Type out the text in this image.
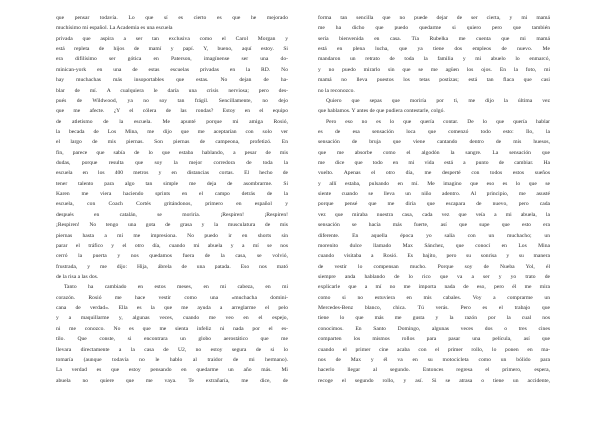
que pensar todavía. Lo que sí es cierto es que he mejorado
muchísimo mi español. La Academia es una escuela
privada que aspira a ser tan exclusiva como el Carol Morgan y
está repleta de hijos de mamí y papí. Y, bueno, aquí estoy. Si
era difilísimo ser gótica en Paterson, imagínense ser una do-
minican-york en una de estas escuelas privadas en la RD. No
hay muchachas más insoportables que estas. No dejan de ha-
blar de mí. A cualquiera le daría una crisis nerviosa; pero des-
pués de Wildwood, ya no soy tan frágil. Sencillamente, no dejo
que me afecte. ¿Y el cólera de las rondas? Estoy en el equipo
de atletismo de la escuela. Me apunté porque mi amiga Rosió,
la becada de Los Mina, me dijo que me aceptarían con solo ver
el largo de mis piernas. Son piernas de campeona, profetizó. En
fin, parece que sabía de lo que estaba hablando, a pesar de mis
dudas, porque resulta que soy la mejor corredora de toda la
escuela en los 400 metros y en distancias cortas. El hecho de
tener talento para algo tan simple me deja de asombrarme. Si
Karen me viera haciendo sprints en el campo detrás de la
escuela, con Coach Cortés gritándonos, primero en español y
después en catalán, se moriría. ¡Respiren! ¡Respiren!
¡Respiren! No tengo una gota de grasa y la musculatura de mis
piernas hasta a mí me impresiona. No puedo ir en shorts sin
parar el tráfico y el otro día, cuando mi abuela y a mí se nos
cerró la puerta y nos quedamos fuera de la casa, se volvió,
frustrada, y me dijo: Hija, ábrela de una patada. Eso nos mató
de la risa a las dos.
Tanto ha cambiado en estos meses, en mi cabeza, en mi
corazón. Rosió me hace vestir como una «muchacha domini-
cana de verdad». Ella es la que me ayuda a arreglarme el pelo
y a maquillarme y, algunas veces, cuando me veo en el espejo,
ni me conozco. No es que me sienta infeliz ni nada por el es-
tilo. Que conste, si encontrara un globo aerostático que me
llevara directamente a la casa de U2, no estoy segura de si lo
tomaría (aunque todavía no le hablo al traidor de mi hermano).
La verdad es que estoy pensando en quedarme un año más. Mi
abuela no quiere que me vaya. Te extrañaría, me dice, de
forma tan sencilla que no puede dejar de ser cierta, y mi mamá
me ha dicho que puedo quedarme si quiero pero que también
sería bienvenida en casa. Tía Rubelka me cuenta que mi mamá
está en plena lucha, que ya tiene dos empleos de nuevo. Me
mandaron un retrato de toda la familia y mi abuelo lo enmarcó,
y no puedo mirarlo sin que se me agüen los ojos. En la foto, mi
mamá no lleva puestos los tetas postizas; está tan flaca que casi
no la reconozco.
Quiero que sepas que moriría por ti, me dijo la última vez
que hablamos. Y antes de que pudiera contestarle, colgó.
Pero eso no es lo que quería contar. De lo que quería hablar
es de esa sensación loca que comenzó todo esto: Ilo, la
sensación de bruja que viene cantando dentro de mis huesos,
que me absorbe como el algodón la sangre. La sensación que
me dice que todo en mi vida está a punto de cambiar. Ha
vuelto. Apenas el otro día, me desperté con todos estos sueños
y allí estaba, pulsando en mí. Me imagino que eso es lo que se
siente cuando se lleva un niño adentro. Al principio, me asusté
porque pensé que me diría que escapara de nuevo, pero cada
vez que miraba nuestra casa, cada vez que veía a mi abuela, la
sensación se hacía más fuerte, así que supe que esto era
diferente. En aquella época yo salía con un muchacho; un
morenito dulce llamado Max Sánchez, que conocí en Los Mina
cuando visitaba a Rosió. Es bajito, pero su sonrisa y su manera
de vestir lo compensan mucho. Porque soy de Nueba Yol, él
siempre anda hablando de lo rico que va a ser y yo trato de
explicarle que a mí no me importa nada de eso, pero él me mira
como si no estuviera en mis cabales. Voy a comprarme un
Mercedes-Benz blanco, chica. Tú verás. Pero es el trabajo que
tiene lo que más me gusta y la razón por la cual nos
conocimos. En Santo Domingo, algunas veces dos o tres cines
comparten los mismos rollos para pasar una película, así que
cuando el primer cine acaba con el primer rollo, lo ponen en ma-
nos de Max y él va en su motocicleta como un bólido para
hacerlo llegar al segundo. Entonces regresa el primero, espera,
recoge el segundo rollo, y así. Si se atrasa o tiene un accidente,
